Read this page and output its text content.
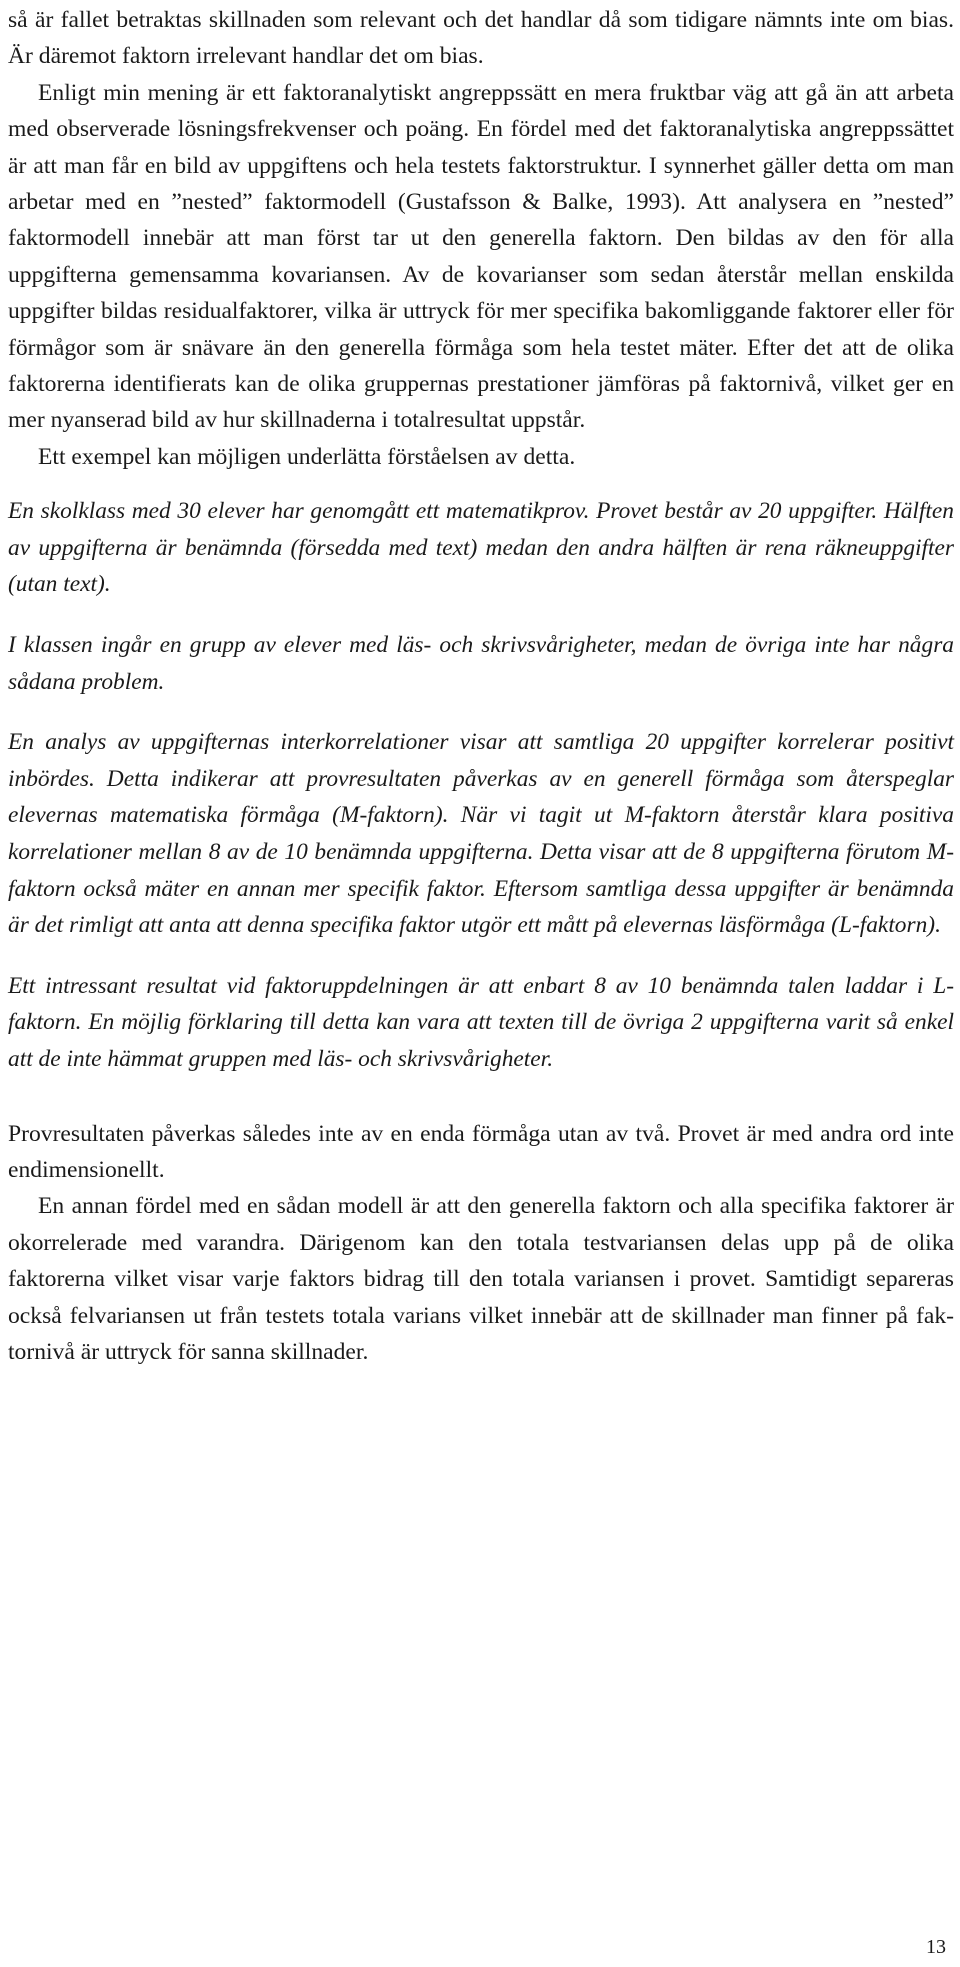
så är fallet betraktas skillnaden som relevant och det handlar då som tidigare nämnts inte om bias. Är däremot faktorn irrelevant handlar det om bias.

Enligt min mening är ett faktoranalytiskt angreppssätt en mera fruktbar väg att gå än att arbeta med observerade lösningsfrekvenser och poäng. En fördel med det faktoranalytiska angreppssättet är att man får en bild av uppgiftens och hela testets faktorstruktur. I synnerhet gäller detta om man arbetar med en ”nested” faktormodell (Gustafsson & Balke, 1993). Att analysera en ”nested” faktormodell innebär att man först tar ut den generella faktorn. Den bildas av den för alla uppgifterna gemensamma kovariansen. Av de kovarianser som sedan återstår mellan enskilda uppgifter bildas residualfaktorer, vilka är uttryck för mer specifika bakomliggande faktorer eller för förmågor som är snävare än den generella förmåga som hela testet mäter. Efter det att de olika faktorerna identifierats kan de olika gruppernas prestationer jämföras på faktornivå, vilket ger en mer nyanserad bild av hur skillnaderna i totalresultat uppstår.

Ett exempel kan möjligen underlätta förståelsen av detta.

En skolklass med 30 elever har genomgått ett matematikprov. Provet består av 20 uppgifter. Hälften av uppgifterna är benämnda (försedda med text) medan den andra hälften är rena räkneuppgifter (utan text).

I klassen ingår en grupp av elever med läs- och skrivsvårigheter, medan de övriga inte har några sådana problem.

En analys av uppgifternas interkorrelationer visar att samtliga 20 uppgifter korrelerar positivt inbördes. Detta indikerar att provresultaten påverkas av en generell förmåga som återspeglar elevernas matematiska förmåga (M-faktorn). När vi tagit ut M-faktorn återstår klara positiva korrelationer mellan 8 av de 10 benämnda uppgifterna. Detta visar att de 8 uppgifterna förutom M-faktorn också mäter en annan mer specifik faktor. Eftersom samtliga dessa uppgifter är benämnda är det rimligt att anta att denna specifika faktor utgör ett mått på elevernas läsförmåga (L-faktorn).

Ett intressant resultat vid faktoruppdelningen är att enbart 8 av 10 benämnda talen laddar i L-faktorn. En möjlig förklaring till detta kan vara att texten till de övriga 2 uppgifterna varit så enkel att de inte hämmat gruppen med läs- och skrivsvårigheter.

Provresultaten påverkas således inte av en enda förmåga utan av två. Provet är med andra ord inte endimensionellt.

En annan fördel med en sådan modell är att den generella faktorn och alla specifika faktorer är okorrelerade med varandra. Därigenom kan den totala testvariansen delas upp på de olika faktorerna vilket visar varje faktors bidrag till den totala variansen i provet. Samtidigt separeras också felvariansen ut från testets totala varians vilket innebär att de skillnader man finner på faktornivå är uttryck för sanna skillnader.

13
